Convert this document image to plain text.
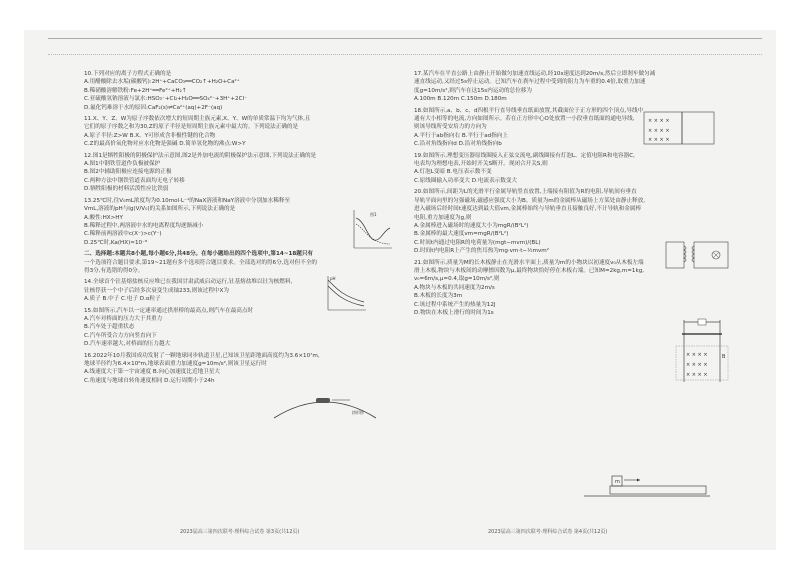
10.下列对应的离子方程式正确的是

A.用醋酸除去水垢(碳酸钙):2H⁺+CaCO₃══CO₂↑+H₂O+Ca²⁺

B.稀硝酸溶解铁粉:Fe+2H⁺══Fe²⁺+H₂↑

C.亚硫酸氢钠溶液与氯水:HSO₃⁻+Cl₂+H₂O══SO₄²⁻+3H⁺+2Cl⁻

D.氟化钙难溶于水的原因:CaF₂(s)⇌Ca²⁺(aq)+2F⁻(aq)

11.X、Y、Z、W为原子序数依次增大的短周期主族元素,X、Y、W的单质常温下均为气体,且

它们的原子序数之和为30,Z的原子半径是短周期主族元素中最大的。下列说法正确的是

A.原子半径:Z>W B.X、Y可形成含非极性键的化合物

C.Z的最高价氧化物对应水化物是强碱 D.简单氢化物的沸点:W>Y

12.图1是牺牲阳极的阴极保护法示意图,图2是外加电流的阴极保护法示意图,下列说法正确的是

A.图1中钢铁管道作负极被保护

B.图2中辅助阳极应连接电源的正极

C.两种方法中钢铁管道表面均无电子转移

D.牺牲阳极的材料活泼性应比铁弱

13.25℃时,往V₀mL浓度均为0.10mol·L⁻¹的NaX溶液和NaY溶液中分别加水稀释至

VmL,溶液的pH与lg(V/V₀)的关系如图所示,下列说法正确的是

A.酸性:HX>HY

B.稀释过程中,两溶液中水的电离程度均逐渐减小

C.稀释前两溶液中c(X⁻)>c(Y⁻)

D.25℃时,Ka(HX)≈10⁻⁸

二、选择题:本题共8小题,每小题6分,共48分。在每小题给出的四个选项中,第14~18题只有

一个选项符合题目要求,第19~21题有多个选项符合题目要求。全部选对的得6分,选对但不全的

得3分,有选错的得0分。

14.全球首个钍基熔盐核反应堆已在我国甘肃武威启动运行,钍基熔盐堆以钍为核燃料,

钍核俘获一个中子后经多次衰变生成铀233,则该过程中X为

A.质子 B.中子 C.电子 D.α粒子

15.如图所示,汽车以一定速率通过拱形桥的最高点,则汽车在最高点时

A.汽车对桥面的压力大于其重力

B.汽车处于超重状态

C.汽车所受合力方向竖直向下

D.汽车速率越大,对桥面的压力越大

16.2022年10月我国成功发射了一颗地球同步轨道卫星,已知该卫星距地面高度约为3.6×10⁷m,

地球半径约为6.4×10⁶m,地球表面重力加速度g=10m/s²,则该卫星运行时

A.线速度大于第一宇宙速度 B.向心加速度比近地卫星大

C.角速度与地球自转角速度相同 D.运行周期小于24h

图1
pH
拱形桥

17.某汽车在平直公路上由静止开始做匀加速直线运动,经10s速度达到20m/s,然后立即刹车做匀减

速直线运动,又经过5s停止运动。已知汽车在刹车过程中受到的阻力为车重的0.4倍,取重力加速

度g=10m/s²,则汽车在这15s内运动的总位移为

A.100m B.120m C.150m D.180m

18.如图所示,a、b、c、d四根平行直导线垂直纸面放置,其截面位于正方形的四个顶点,导线中

通有大小相等的电流,方向如图所示。若在正方形中心O处放置一小段垂直纸面的通电导线,

则该导线所受安培力的方向为

A.平行于ab指向右 B.平行于ad指向上

C.沿对角线指向d D.沿对角线指向b

19.如图所示,理想变压器原线圈接入正弦交流电,副线圈接有灯泡L、定值电阻R和电容器C,

电表均为理想电表,开始时开关S断开。现闭合开关S,则

A.灯泡L变暗 B.电压表示数不变

C.原线圈输入功率变大 D.电流表示数变大

20.如图所示,间距为L的光滑平行金属导轨竖直放置,上端接有阻值为R的电阻,导轨间有垂直

导轨平面向里的匀强磁场,磁感应强度大小为B。质量为m的金属棒从磁场上方某处由静止释放,

进入磁场后经时间t速度达到最大值vm,金属棒始终与导轨垂直且接触良好,不计导轨和金属棒

电阻,重力加速度为g,则

A.金属棒进入磁场时的速度大小为mgR/(B²L²)

B.金属棒的最大速度vm=mgR/(B²L²)

C.时间t内通过电阻R的电荷量为(mgt−mvm)/(BL)

D.时间t内电阻R上产生的焦耳热为mg·vm·t−½mvm²

21.如图所示,质量为M的长木板静止在光滑水平面上,质量为m的小物块以初速度v₀从木板左端

滑上木板,物块与木板间的动摩擦因数为μ,最终物块恰好停在木板右端。已知M=2kg,m=1kg,

v₀=6m/s,μ=0.4,取g=10m/s²,则

A.物块与木板的共同速度为2m/s

B.木板的长度为3m

C.该过程中系统产生的热量为12J

D.物块在木板上滑行的时间为1s

× × × ×
× × × ×
× × × ×
× × × ×
× × × ×
× × × ×
B
m
2023届高三第四次联考·理科综合试卷 第3页(共12页)	2023届高三第四次联考·理科综合试卷 第4页(共12页)
